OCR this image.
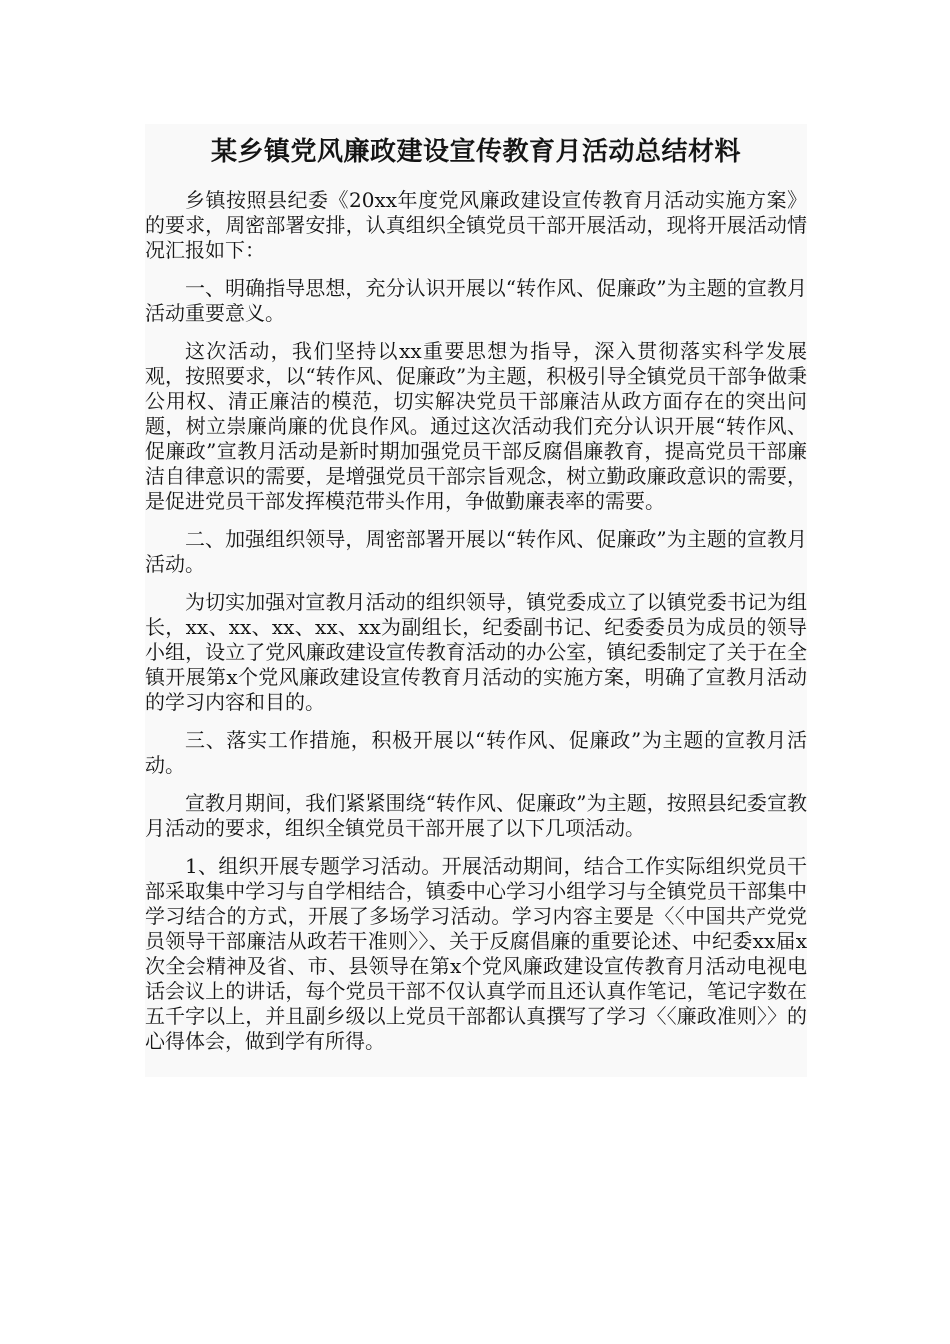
某乡镇党风廉政建设宣传教育月活动总结材料

乡镇按照县纪委《20xx年度党风廉政建设宣传教育月活动实施方案》的要求，周密部署安排，认真组织全镇党员干部开展活动，现将开展活动情况汇报如下：

一、明确指导思想，充分认识开展以“转作风、促廉政”为主题的宣教月活动重要意义。

这次活动，我们坚持以xx重要思想为指导，深入贯彻落实科学发展观，按照要求，以“转作风、促廉政”为主题，积极引导全镇党员干部争做秉公用权、清正廉洁的模范，切实解决党员干部廉洁从政方面存在的突出问题，树立崇廉尚廉的优良作风。通过这次活动我们充分认识开展“转作风、促廉政”宣教月活动是新时期加强党员干部反腐倡廉教育，提高党员干部廉洁自律意识的需要，是增强党员干部宗旨观念，树立勤政廉政意识的需要，是促进党员干部发挥模范带头作用，争做勤廉表率的需要。

二、加强组织领导，周密部署开展以“转作风、促廉政”为主题的宣教月活动。

为切实加强对宣教月活动的组织领导，镇党委成立了以镇党委书记为组长，xx、xx、xx、xx、xx为副组长，纪委副书记、纪委委员为成员的领导小组，设立了党风廉政建设宣传教育活动的办公室，镇纪委制定了关于在全镇开展第x个党风廉政建设宣传教育月活动的实施方案，明确了宣教月活动的学习内容和目的。

三、落实工作措施，积极开展以“转作风、促廉政”为主题的宣教月活动。

宣教月期间，我们紧紧围绕“转作风、促廉政”为主题，按照县纪委宣教月活动的要求，组织全镇党员干部开展了以下几项活动。

1、组织开展专题学习活动。开展活动期间，结合工作实际组织党员干部采取集中学习与自学相结合，镇委中心学习小组学习与全镇党员干部集中学习结合的方式，开展了多场学习活动。学习内容主要是〈〈中国共产党党员领导干部廉洁从政若干准则〉〉、关于反腐倡廉的重要论述、中纪委xx届x次全会精神及省、市、县领导在第x个党风廉政建设宣传教育月活动电视电话会议上的讲话，每个党员干部不仅认真学而且还认真作笔记，笔记字数在五千字以上，并且副乡级以上党员干部都认真撰写了学习〈〈廉政准则〉〉的心得体会，做到学有所得。
